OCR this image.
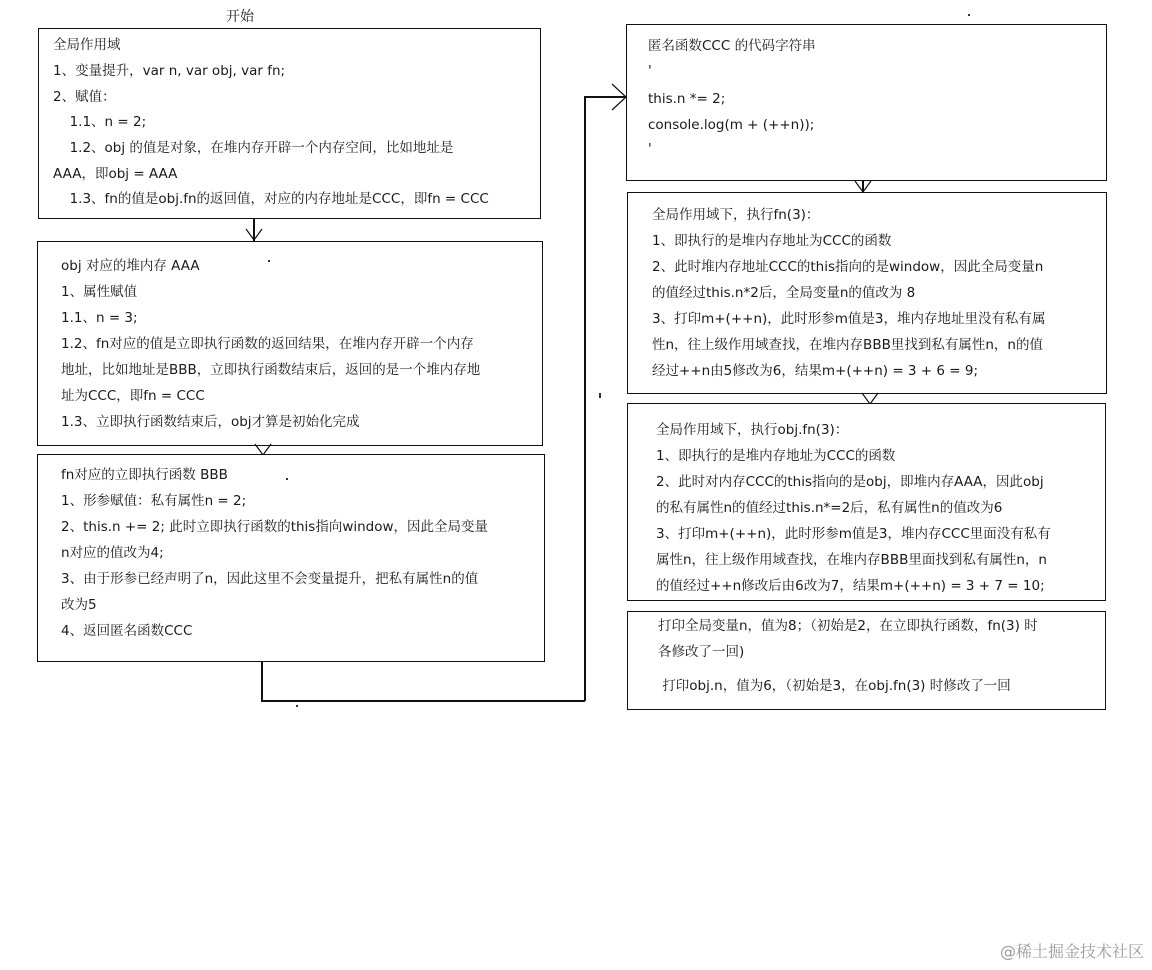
开始
全局作用域
1、变量提升，var n, var obj, var fn;
2、赋值：
1.1、n = 2;
1.2、obj 的值是对象，在堆内存开辟一个内存空间，比如地址是
AAA，即obj = AAA
1.3、fn的值是obj.fn的返回值，对应的内存地址是CCC，即fn = CCC
obj 对应的堆内存 AAA
1、属性赋值
1.1、n = 3;
1.2、fn对应的值是立即执行函数的返回结果，在堆内存开辟一个内存
地址，比如地址是BBB，立即执行函数结束后，返回的是一个堆内存地
址为CCC，即fn = CCC
1.3、立即执行函数结束后，obj才算是初始化完成
fn对应的立即执行函数 BBB
1、形参赋值：私有属性n = 2;
2、this.n += 2; 此时立即执行函数的this指向window，因此全局变量
n对应的值改为4;
3、由于形参已经声明了n，因此这里不会变量提升，把私有属性n的值
改为5
4、返回匿名函数CCC
匿名函数CCC 的代码字符串
'
this.n *= 2;
console.log(m + (++n));
'
全局作用域下，执行fn(3)：
1、即执行的是堆内存地址为CCC的函数
2、此时堆内存地址CCC的this指向的是window，因此全局变量n
的值经过this.n*2后，全局变量n的值改为 8
3、打印m+(++n)，此时形参m值是3，堆内存地址里没有私有属
性n，往上级作用域查找，在堆内存BBB里找到私有属性n，n的值
经过++n由5修改为6，结果m+(++n) = 3 + 6 = 9;
全局作用域下，执行obj.fn(3)：
1、即执行的是堆内存地址为CCC的函数
2、此时对内存CCC的this指向的是obj，即堆内存AAA，因此obj
的私有属性n的值经过this.n*=2后，私有属性n的值改为6
3、打印m+(++n)，此时形参m值是3，堆内存CCC里面没有私有
属性n，往上级作用域查找，在堆内存BBB里面找到私有属性n，n
的值经过++n修改后由6改为7，结果m+(++n) = 3 + 7 = 10;
打印全局变量n，值为8；（初始是2，在立即执行函数，fn(3) 时
各修改了一回)
打印obj.n，值为6，（初始是3，在obj.fn(3) 时修改了一回
@稀土掘金技术社区
